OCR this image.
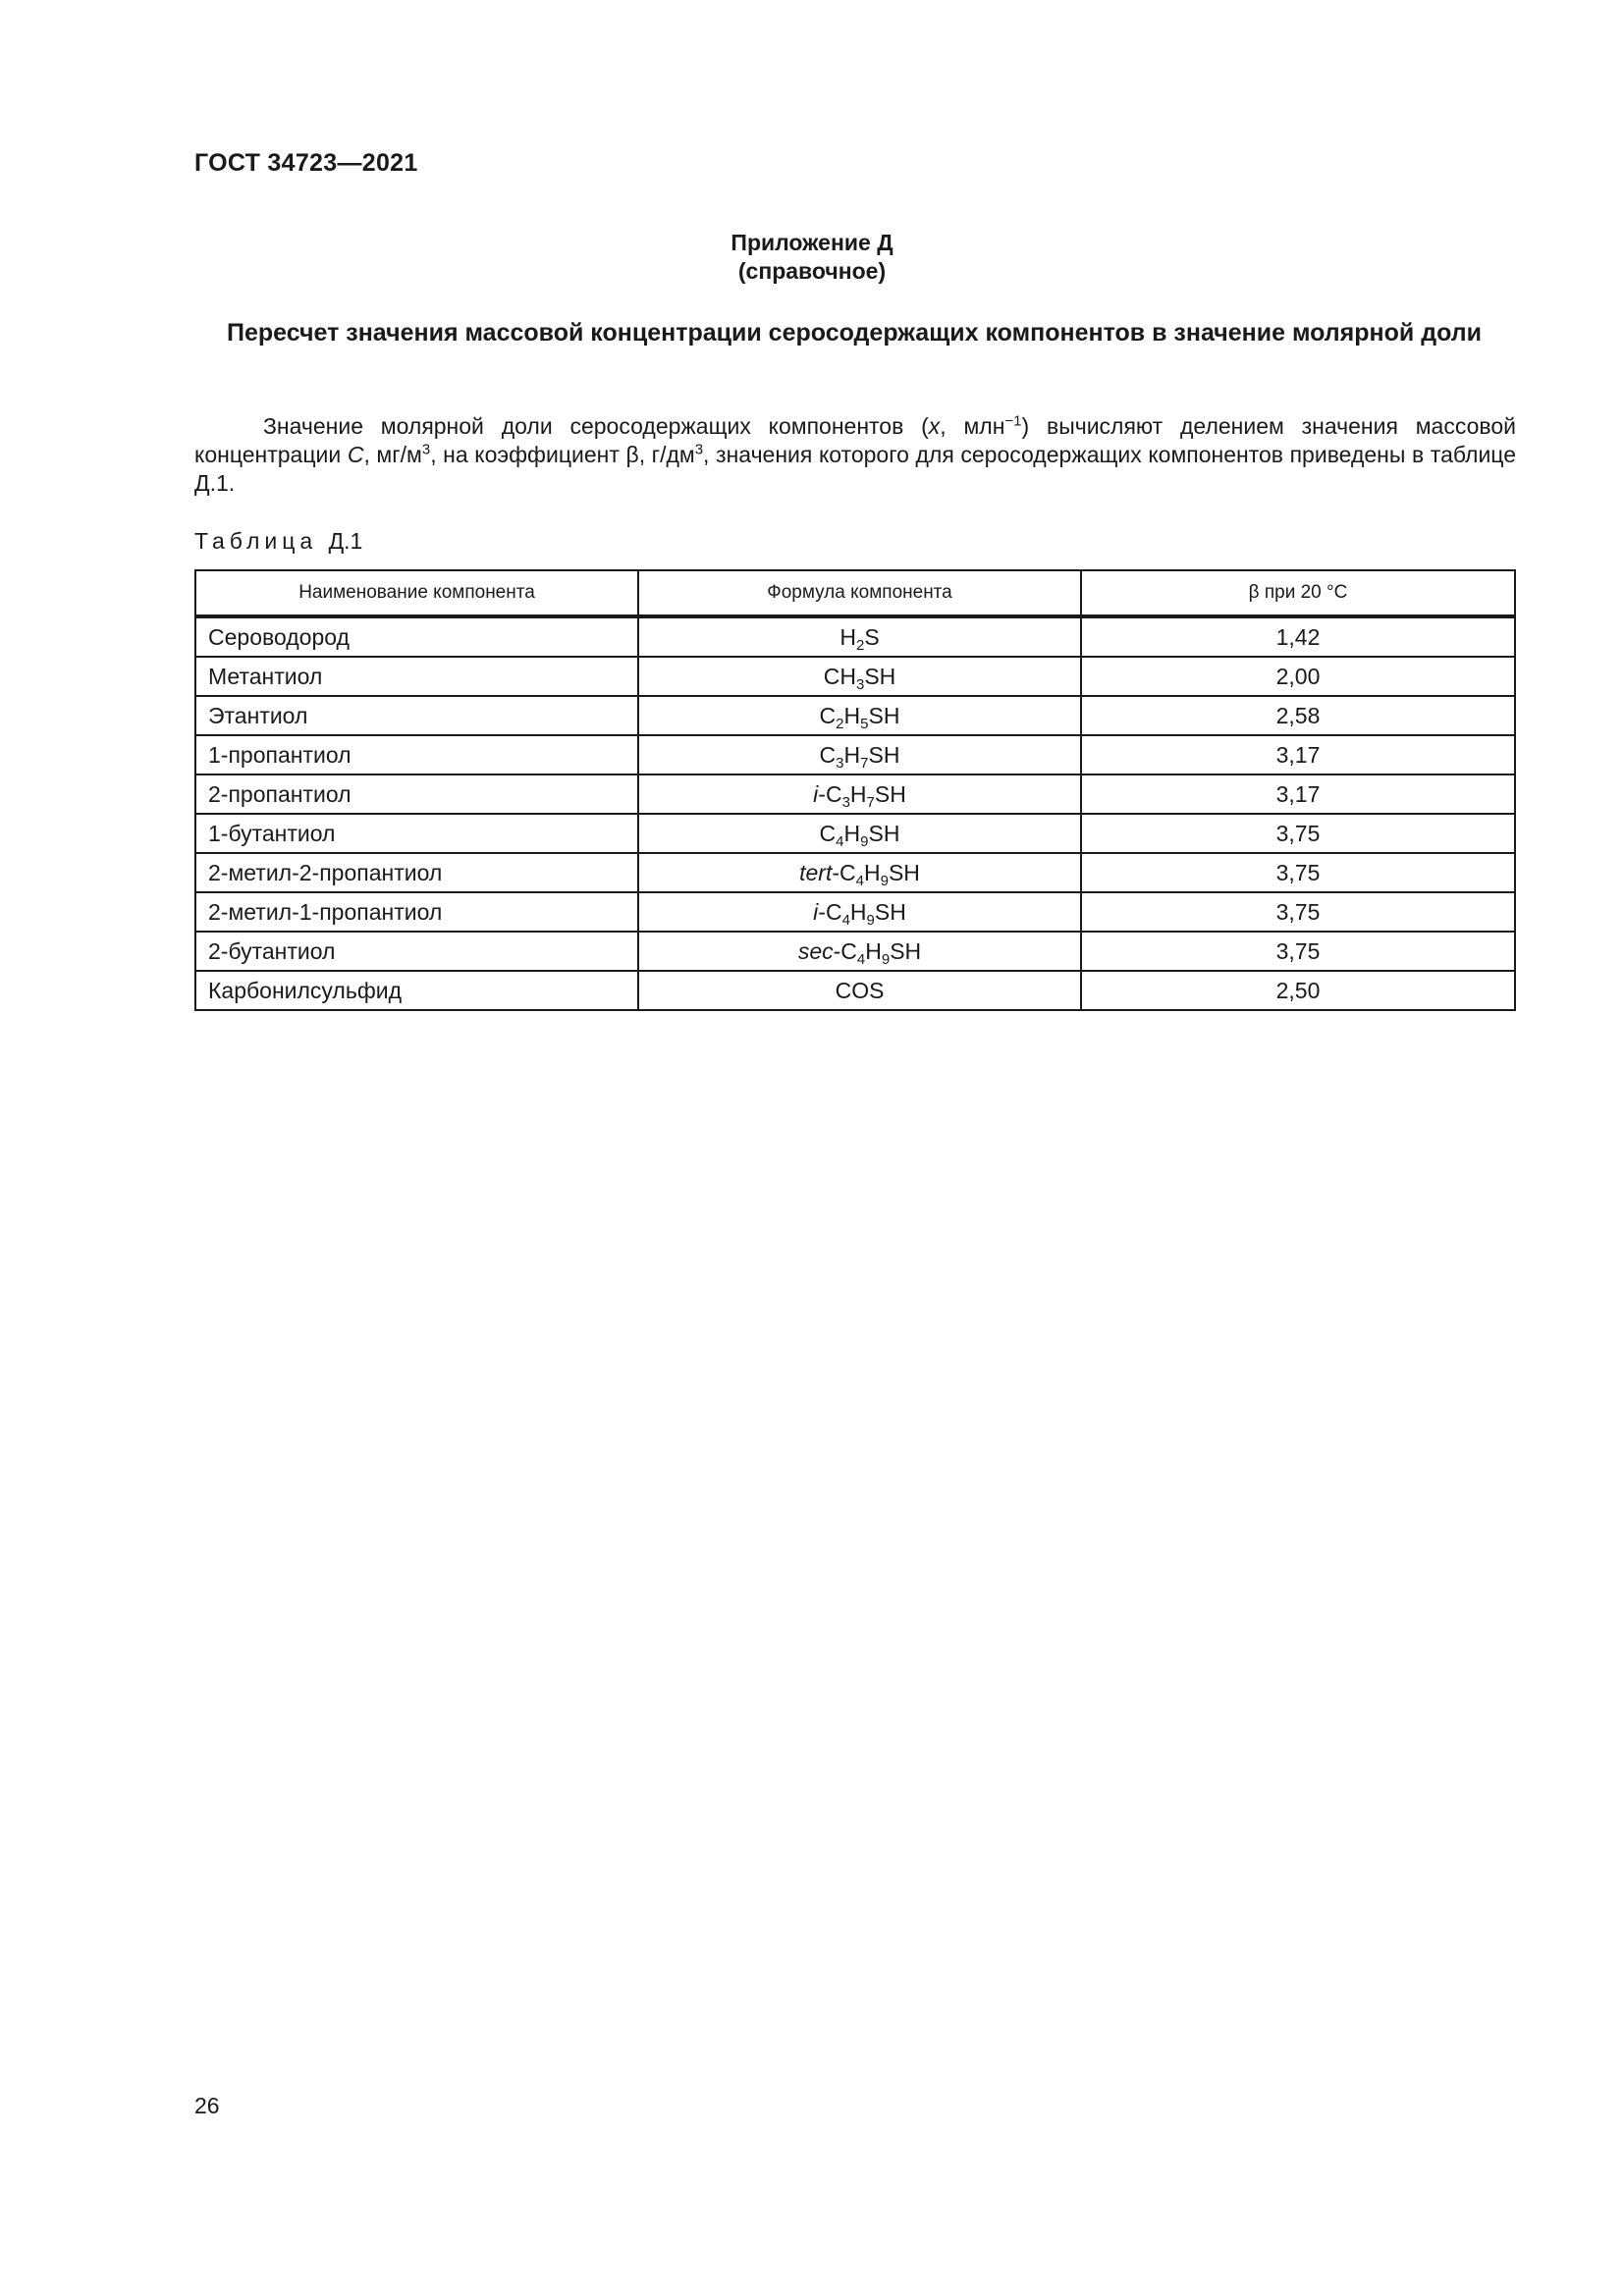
ГОСТ 34723—2021
Приложение Д
(справочное)
Пересчет значения массовой концентрации серосодержащих компонентов в значение молярной доли
Значение молярной доли серосодержащих компонентов (x, млн$^{-1}$) вычисляют делением значения массовой концентрации C, $мг/м^3$, на коэффициент β, $г/дм^3$, значения которого для серосодержащих компонентов приведены в таблице Д.1.
Таблица Д.1
Наименование компонента	Формула компонента	β при 20 °С
Сероводород	$H_2S$	1,42
Метантиол	$CH_3SH$	2,00
Этантиол	$C_2H_5SH$	2,58
1-пропантиол	$C_3H_7SH$	3,17
2-пропантиол	$i-C_3H_7SH$	3,17
1-бутантиол	$C_4H_9SH$	3,75
2-метил-2-пропантиол	tert-$C_4H_9SH$	3,75
2-метил-1-пропантиол	$i-C_4H_9SH$	3,75
2-бутантиол	$\sec-C_4H_9SH$	3,75
Карбонилсульфид	COS	2,50
26
